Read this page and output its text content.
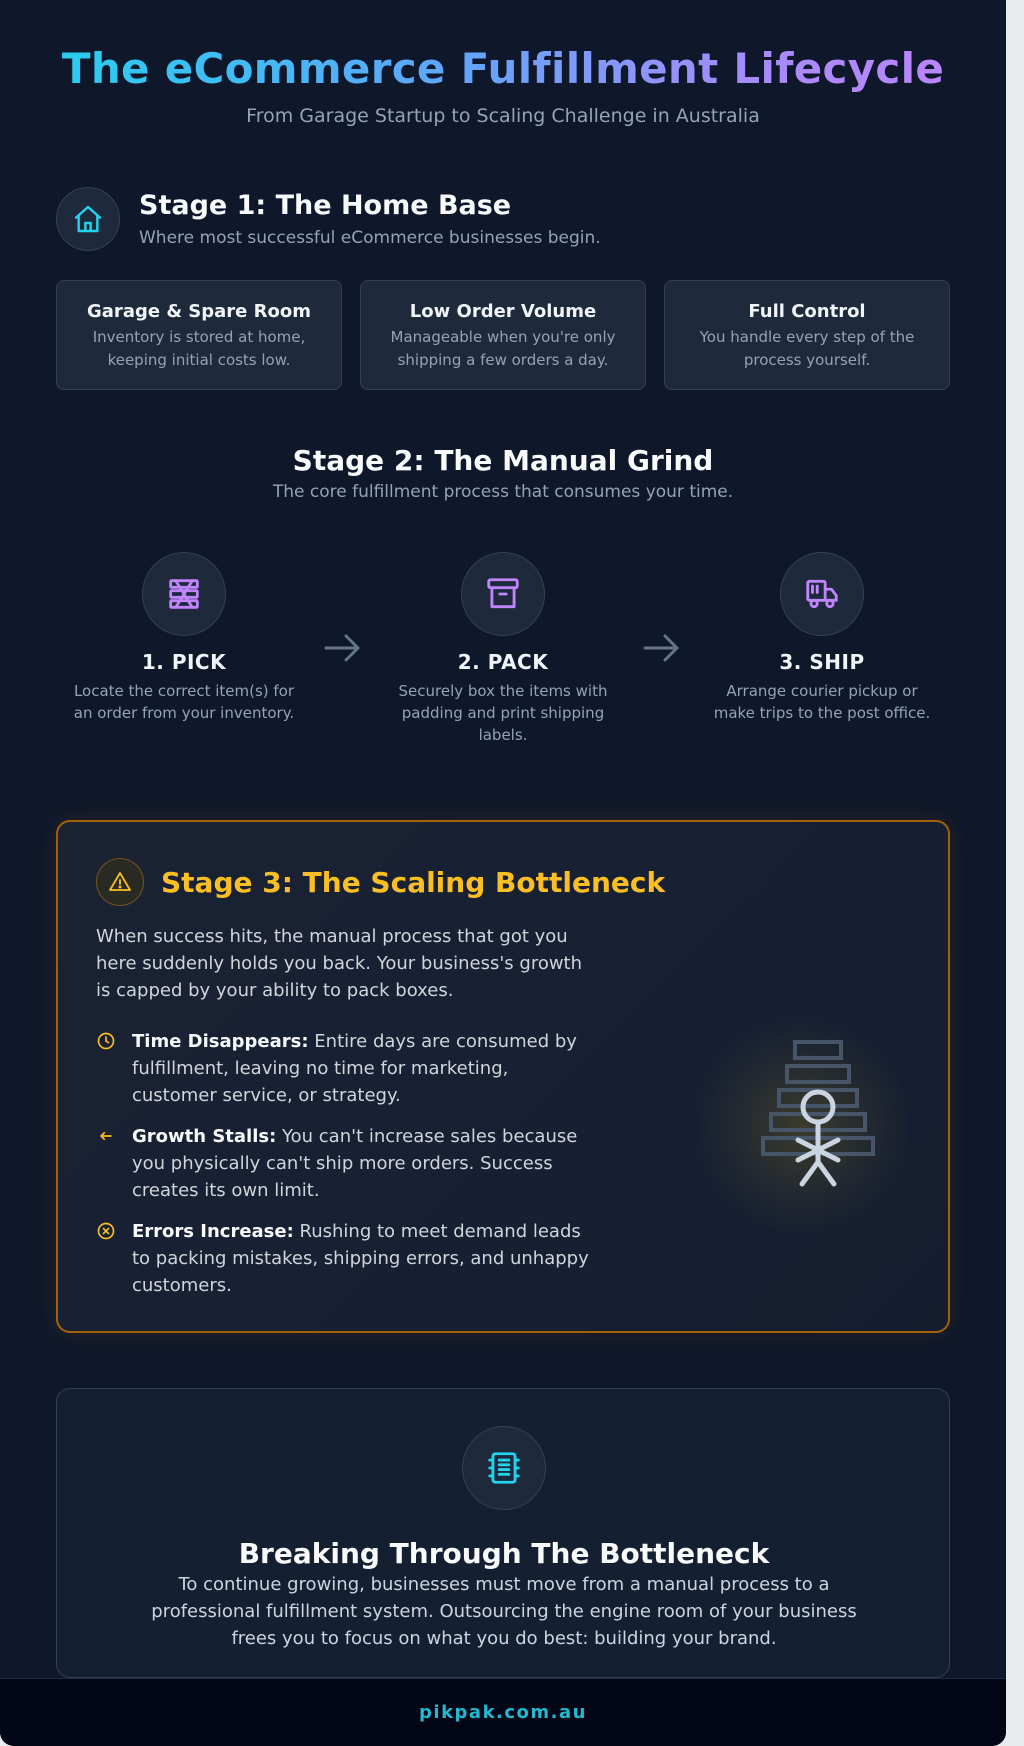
The eCommerce Fulfillment Lifecycle

From Garage Startup to Scaling Challenge in Australia

Stage 1: The Home Base

Where most successful eCommerce businesses begin.

Garage & Spare Room

Inventory is stored at home, keeping initial costs low.

Low Order Volume

Manageable when you're only shipping a few orders a day.

Full Control

You handle every step of the process yourself.

Stage 2: The Manual Grind

The core fulfillment process that consumes your time.

1. PICK

Locate the correct item(s) for an order from your inventory.

2. PACK

Securely box the items with padding and print shipping labels.

3. SHIP

Arrange courier pickup or make trips to the post office.

Stage 3: The Scaling Bottleneck

When success hits, the manual process that got you here suddenly holds you back. Your business's growth is capped by your ability to pack boxes.

Time Disappears: Entire days are consumed by fulfillment, leaving no time for marketing, customer service, or strategy.
Growth Stalls: You can't increase sales because you physically can't ship more orders. Success creates its own limit.
Errors Increase: Rushing to meet demand leads to packing mistakes, shipping errors, and unhappy customers.
Breaking Through The Bottleneck

To continue growing, businesses must move from a manual process to a professional fulfillment system. Outsourcing the engine room of your business frees you to focus on what you do best: building your brand.

pikpak.com.au
